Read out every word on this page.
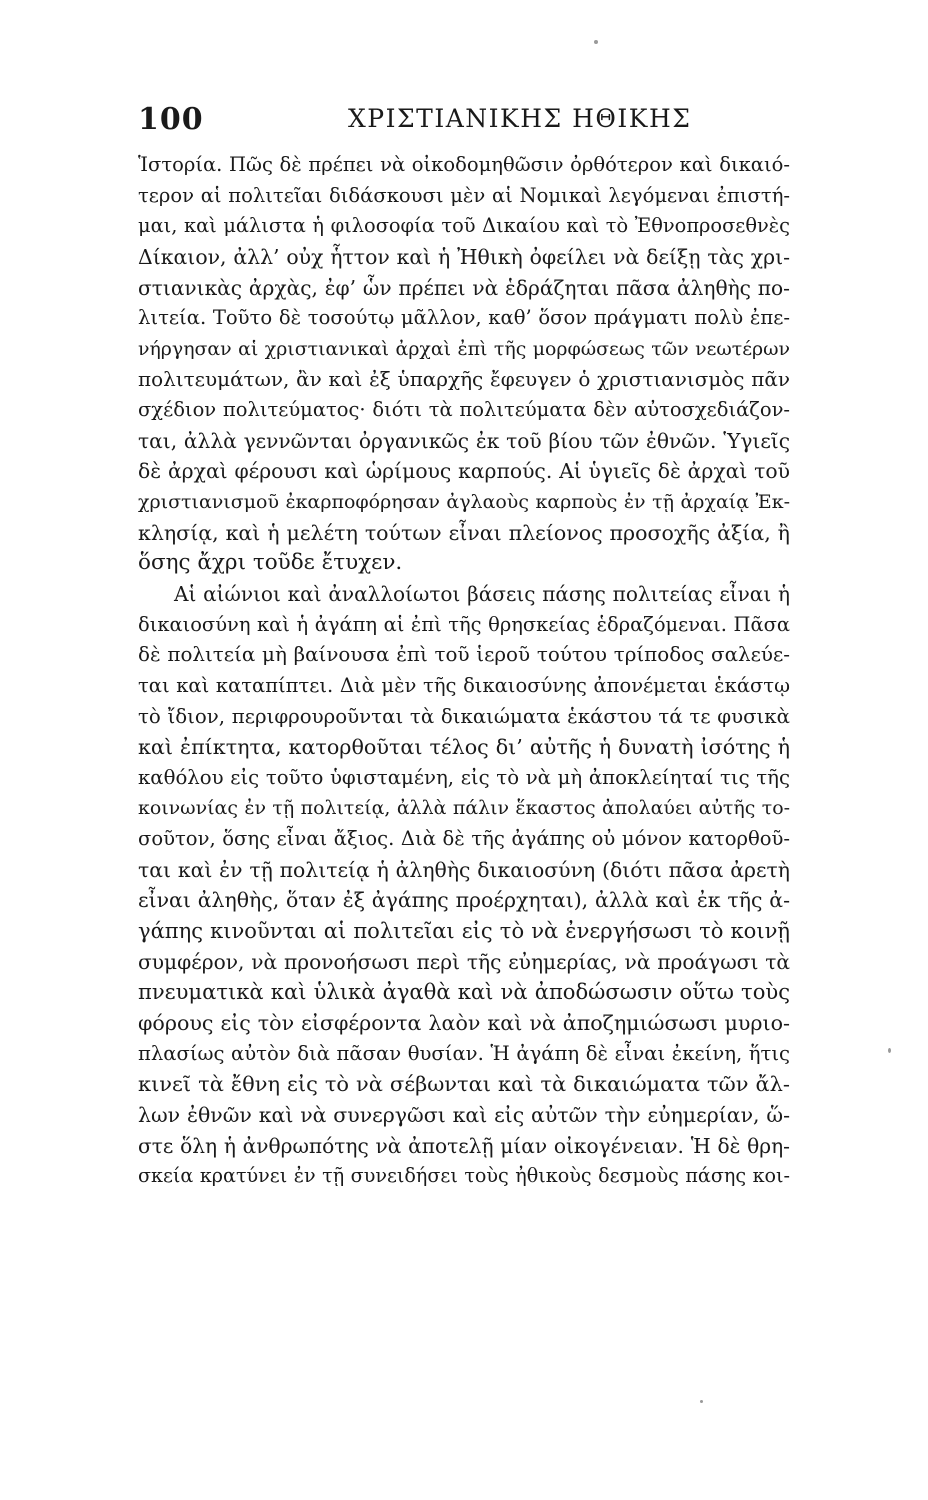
100	ΧΡΙΣΤΙΑΝΙΚΗΣ ΗΘΙΚΗΣ
Ἱστορία. Πῶς δὲ πρέπει νὰ οἰκοδομηθῶσιν ὀρθότερον καὶ δικαιό-
τερον αἱ πολιτεῖαι διδάσκουσι μὲν αἱ Νομικαὶ λεγόμεναι ἐπιστή-
μαι, καὶ μάλιστα ἡ φιλοσοφία τοῦ Δικαίου καὶ τὸ Ἐθνοπροσεθνὲς
Δίκαιον, ἀλλ’ οὐχ ἧττον καὶ ἡ Ἠθικὴ ὀφείλει νὰ δείξῃ τὰς χρι-
στιανικὰς ἀρχὰς, ἐφ’ ὧν πρέπει νὰ ἑδράζηται πᾶσα ἀληθὴς πο-
λιτεία. Τοῦτο δὲ τοσούτῳ μᾶλλον, καθ’ ὅσον πράγματι πολὺ ἐπε-
νήργησαν αἱ χριστιανικαὶ ἀρχαὶ ἐπὶ τῆς μορφώσεως τῶν νεωτέρων
πολιτευμάτων, ἂν καὶ ἐξ ὑπαρχῆς ἔφευγεν ὁ χριστιανισμὸς πᾶν
σχέδιον πολιτεύματος· διότι τὰ πολιτεύματα δὲν αὐτοσχεδιάζον-
ται, ἀλλὰ γεννῶνται ὀργανικῶς ἐκ τοῦ βίου τῶν ἐθνῶν. Ὑγιεῖς
δὲ ἀρχαὶ φέρουσι καὶ ὡρίμους καρπούς. Αἱ ὑγιεῖς δὲ ἀρχαὶ τοῦ
χριστιανισμοῦ ἐκαρποφόρησαν ἀγλαοὺς καρποὺς ἐν τῇ ἀρχαίᾳ Ἐκ-
κλησίᾳ, καὶ ἡ μελέτη τούτων εἶναι πλείονος προσοχῆς ἀξία, ἢ
ὅσης ἄχρι τοῦδε ἔτυχεν.
Αἱ αἰώνιοι καὶ ἀναλλοίωτοι βάσεις πάσης πολιτείας εἶναι ἡ
δικαιοσύνη καὶ ἡ ἀγάπη αἱ ἐπὶ τῆς θρησκείας ἑδραζόμεναι. Πᾶσα
δὲ πολιτεία μὴ βαίνουσα ἐπὶ τοῦ ἱεροῦ τούτου τρίποδος σαλεύε-
ται καὶ καταπίπτει. Διὰ μὲν τῆς δικαιοσύνης ἀπονέμεται ἑκάστῳ
τὸ ἴδιον, περιφρουροῦνται τὰ δικαιώματα ἑκάστου τά τε φυσικὰ
καὶ ἐπίκτητα, κατορθοῦται τέλος δι’ αὐτῆς ἡ δυνατὴ ἰσότης ἡ
καθόλου εἰς τοῦτο ὑφισταμένη, εἰς τὸ νὰ μὴ ἀποκλείηταί τις τῆς
κοινωνίας ἐν τῇ πολιτείᾳ, ἀλλὰ πάλιν ἕκαστος ἀπολαύει αὐτῆς το-
σοῦτον, ὅσης εἶναι ἄξιος. Διὰ δὲ τῆς ἀγάπης οὐ μόνον κατορθοῦ-
ται καὶ ἐν τῇ πολιτείᾳ ἡ ἀληθὴς δικαιοσύνη (διότι πᾶσα ἀρετὴ
εἶναι ἀληθὴς, ὅταν ἐξ ἀγάπης προέρχηται), ἀλλὰ καὶ ἐκ τῆς ἀ-
γάπης κινοῦνται αἱ πολιτεῖαι εἰς τὸ νὰ ἐνεργήσωσι τὸ κοινῇ
συμφέρον, νὰ προνοήσωσι περὶ τῆς εὐημερίας, νὰ προάγωσι τὰ
πνευματικὰ καὶ ὑλικὰ ἀγαθὰ καὶ νὰ ἀποδώσωσιν οὕτω τοὺς
φόρους εἰς τὸν εἰσφέροντα λαὸν καὶ νὰ ἀποζημιώσωσι μυριο-
πλασίως αὐτὸν διὰ πᾶσαν θυσίαν. Ἡ ἀγάπη δὲ εἶναι ἐκείνη, ἥτις
κινεῖ τὰ ἔθνη εἰς τὸ νὰ σέβωνται καὶ τὰ δικαιώματα τῶν ἄλ-
λων ἐθνῶν καὶ νὰ συνεργῶσι καὶ εἰς αὐτῶν τὴν εὐημερίαν, ὥ-
στε ὅλη ἡ ἀνθρωπότης νὰ ἀποτελῇ μίαν οἰκογένειαν. Ἡ δὲ θρη-
σκεία κρατύνει ἐν τῇ συνειδήσει τοὺς ἠθικοὺς δεσμοὺς πάσης κοι-
